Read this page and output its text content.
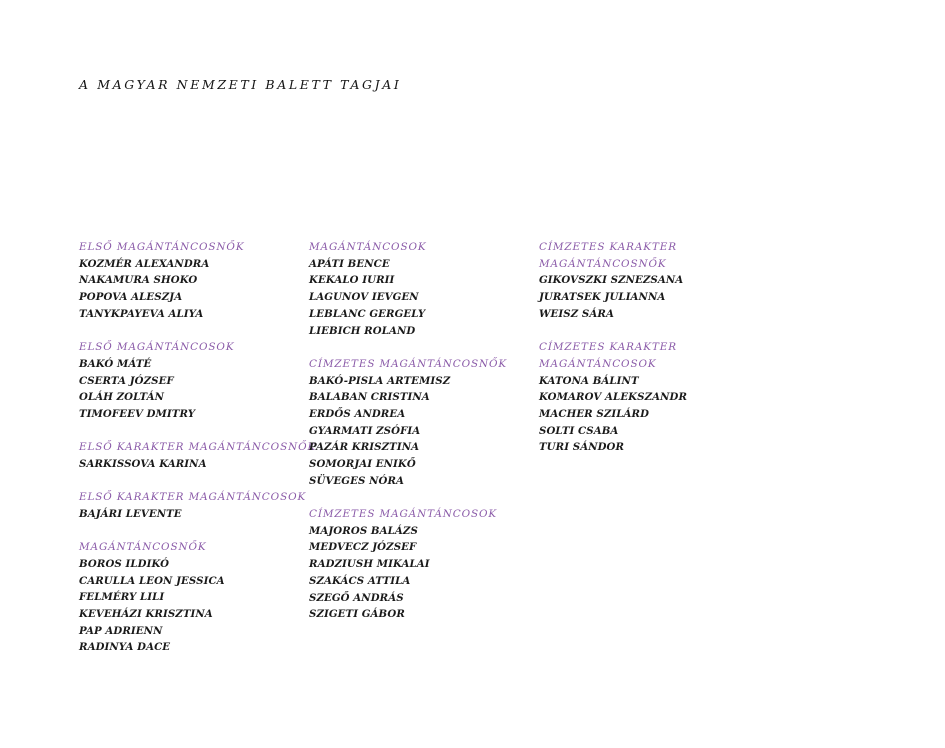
A MAGYAR NEMZETI BALETT TAGJAI
ELSŐ MAGÁNTÁNCOSNŐK
KOZMÉR ALEXANDRA
NAKAMURA SHOKO
POPOVA ALESZJA
TANYKPAYEVA ALIYA
ELSŐ MAGÁNTÁNCOSOK
BAKÓ MÁTÉ
CSERTA JÓZSEF
OLÁH ZOLTÁN
TIMOFEEV DMITRY
ELSŐ KARAKTER MAGÁNTÁNCOSNŐK
SARKISSOVA KARINA
ELSŐ KARAKTER MAGÁNTÁNCOSOK
BAJÁRI LEVENTE
MAGÁNTÁNCOSNŐK
BOROS ILDIKÓ
CARULLA LEON JESSICA
FELMÉRY LILI
KEVEHÁZI KRISZTINA
PAP ADRIENN
RADINYA DACE
MAGÁNTÁNCOSOK
APÁTI BENCE
KEKALO IURII
LAGUNOV IEVGEN
LEBLANC GERGELY
LIEBICH ROLAND
CÍMZETES MAGÁNTÁNCOSNŐK
BAKÓ-PISLA ARTEMISZ
BALABAN CRISTINA
ERDŐS ANDREA
GYARMATI ZSÓFIA
PAZÁR KRISZTINA
SOMORJAI ENIKŐ
SÜVEGES NÓRA
CÍMZETES MAGÁNTÁNCOSOK
MAJOROS BALÁZS
MEDVECZ JÓZSEF
RADZIUSH MIKALAI
SZAKÁCS ATTILA
SZEGŐ ANDRÁS
SZIGETI GÁBOR
CÍMZETES KARAKTER
MAGÁNTÁNCOSNŐK
GIKOVSZKI SZNEZSANA
JURATSEK JULIANNA
WEISZ SÁRA
CÍMZETES KARAKTER
MAGÁNTÁNCOSOK
KATONA BÁLINT
KOMAROV ALEKSZANDR
MACHER SZILÁRD
SOLTI CSABA
TURI SÁNDOR
